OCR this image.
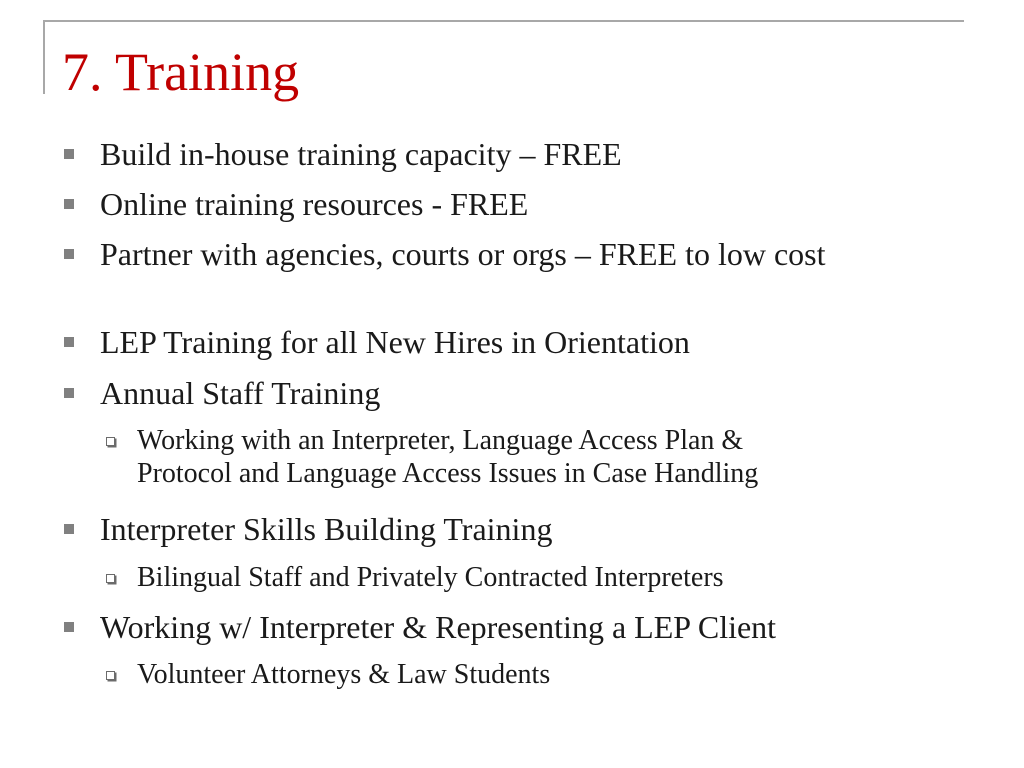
7. Training
Build in-house training capacity – FREE
Online training resources - FREE
Partner with agencies, courts or orgs – FREE to low cost
LEP Training for all New Hires in Orientation
Annual Staff Training
Working with an Interpreter, Language Access Plan &
Protocol and Language Access Issues in Case Handling
Interpreter Skills Building Training
Bilingual Staff and Privately Contracted Interpreters
Working w/ Interpreter & Representing a LEP Client
Volunteer Attorneys & Law Students
